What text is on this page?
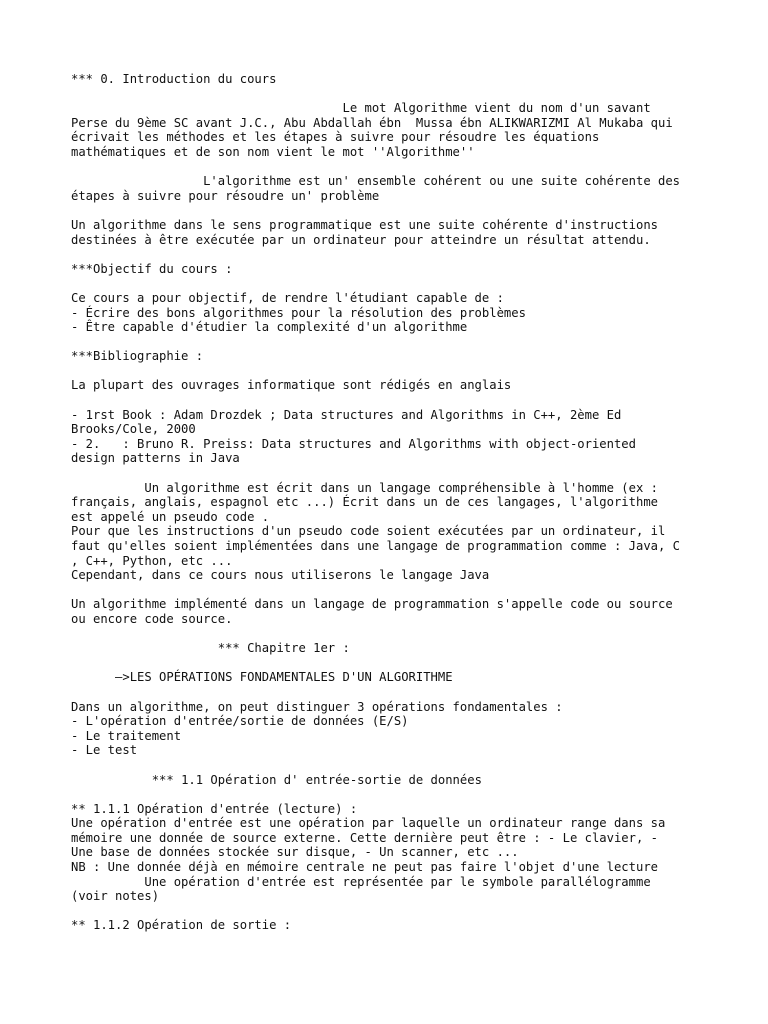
*** 0. Introduction du cours

Le mot Algorithme vient du nom d'un savant

Perse du 9ème SC avant J.C., Abu Abdallah ébn  Mussa ébn ALIKWARIZMI Al Mukaba qui

écrivait les méthodes et les étapes à suivre pour résoudre les équations

mathématiques et de son nom vient le mot ''Algorithme''

L'algorithme est un' ensemble cohérent ou une suite cohérente des

étapes à suivre pour résoudre un' problème

Un algorithme dans le sens programmatique est une suite cohérente d'instructions

destinées à être exécutée par un ordinateur pour atteindre un résultat attendu.

***Objectif du cours :

Ce cours a pour objectif, de rendre l'étudiant capable de :

- Écrire des bons algorithmes pour la résolution des problèmes

- Être capable d'étudier la complexité d'un algorithme

***Bibliographie :

La plupart des ouvrages informatique sont rédigés en anglais

- 1rst Book : Adam Drozdek ; Data structures and Algorithms in C++, 2ème Ed

Brooks/Cole, 2000

- 2.   : Bruno R. Preiss: Data structures and Algorithms with object-oriented

design patterns in Java

Un algorithme est écrit dans un langage compréhensible à l'homme (ex :

français, anglais, espagnol etc ...) Écrit dans un de ces langages, l'algorithme

est appelé un pseudo code .

Pour que les instructions d'un pseudo code soient exécutées par un ordinateur, il

faut qu'elles soient implémentées dans une langage de programmation comme : Java, C

, C++, Python, etc ...

Cependant, dans ce cours nous utiliserons le langage Java

Un algorithme implémenté dans un langage de programmation s'appelle code ou source

ou encore code source.

*** Chapitre 1er :

–>LES OPÉRATIONS FONDAMENTALES D'UN ALGORITHME

Dans un algorithme, on peut distinguer 3 opérations fondamentales :

- L'opération d'entrée/sortie de données (E/S)

- Le traitement

- Le test

*** 1.1 Opération d' entrée-sortie de données

** 1.1.1 Opération d'entrée (lecture) :

Une opération d'entrée est une opération par laquelle un ordinateur range dans sa

mémoire une donnée de source externe. Cette dernière peut être : - Le clavier, -

Une base de données stockée sur disque, - Un scanner, etc ...

NB : Une donnée déjà en mémoire centrale ne peut pas faire l'objet d'une lecture

Une opération d'entrée est représentée par le symbole parallélogramme

(voir notes)

** 1.1.2 Opération de sortie :
